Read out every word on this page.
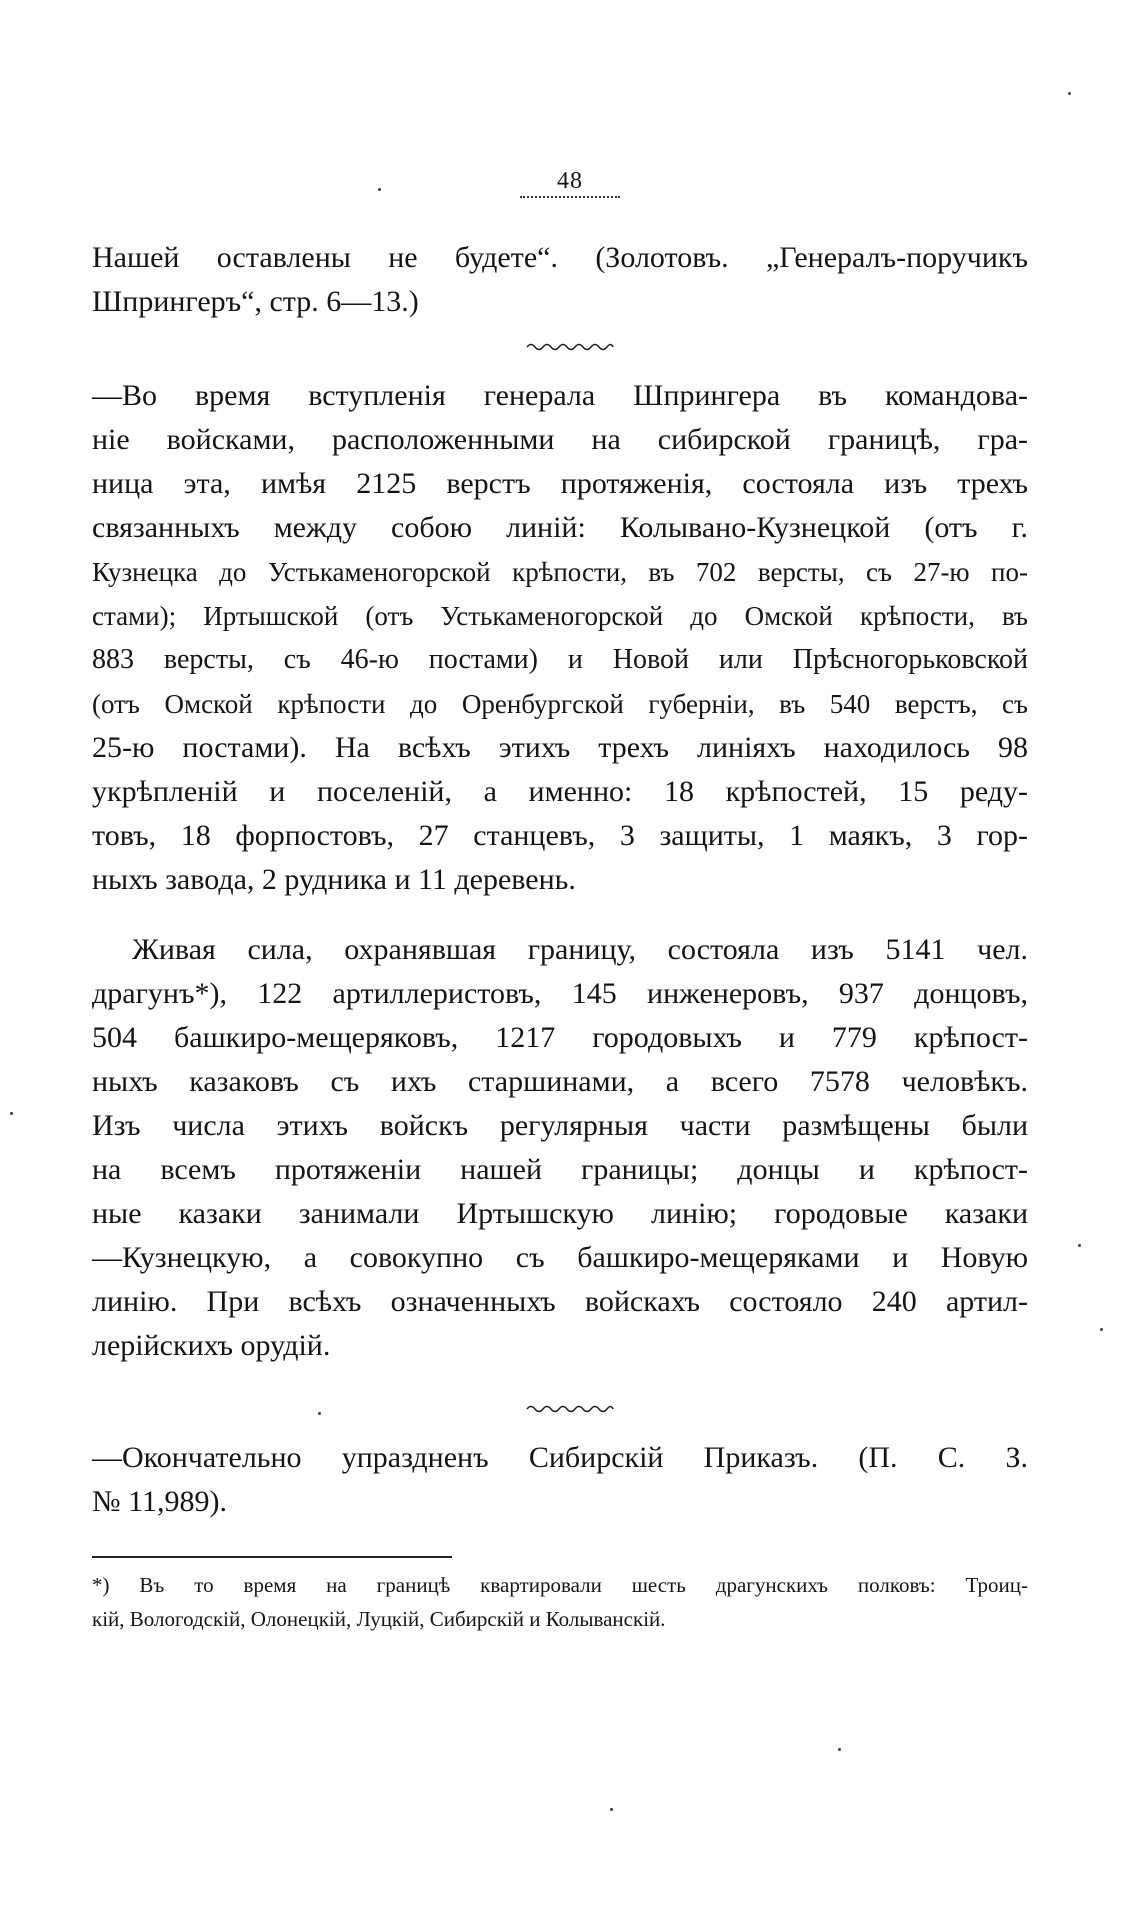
48
Нашей оставлены не будете“. (Золотовъ. „Генералъ-поручикъ
Шпрингеръ“, стр. 6—13.)
—Во время вступленія генерала Шпрингера въ командова-
ніе войсками, расположенными на сибирской границѣ, гра-
ница эта, имѣя 2125 верстъ протяженія, состояла изъ трехъ
связанныхъ между собою линій: Колывано-Кузнецкой (отъ г.
Кузнецка до Устькаменогорской крѣпости, въ 702 версты, съ 27-ю по-
стами); Иртышской (отъ Устькаменогорской до Омской крѣпости, въ
883 версты, съ 46-ю постами) и Новой или Прѣсногорьковской
(отъ Омской крѣпости до Оренбургской губерніи, въ 540 верстъ, съ
25-ю постами). На всѣхъ этихъ трехъ линіяхъ находилось 98
укрѣпленій и поселеній, а именно: 18 крѣпостей, 15 реду-
товъ, 18 форпостовъ, 27 станцевъ, 3 защиты, 1 маякъ, 3 гор-
ныхъ завода, 2 рудника и 11 деревень.
Живая сила, охранявшая границу, состояла изъ 5141 чел.
драгунъ*), 122 артиллеристовъ, 145 инженеровъ, 937 донцовъ,
504 башкиро-мещеряковъ, 1217 городовыхъ и 779 крѣпост-
ныхъ казаковъ съ ихъ старшинами, а всего 7578 человѣкъ.
Изъ числа этихъ войскъ регулярныя части размѣщены были
на всемъ протяженіи нашей границы; донцы и крѣпост-
ные казаки занимали Иртышскую линію; городовые казаки
—Кузнецкую, а совокупно съ башкиро-мещеряками и Новую
линію. При всѣхъ означенныхъ войскахъ состояло 240 артил-
лерійскихъ орудій.
—Окончательно упраздненъ Сибирскій Приказъ. (П. С. З.
№ 11,989).
*) Въ то время на границѣ квартировали шесть драгунскихъ полковъ: Троиц-
кій, Вологодскій, Олонецкій, Луцкій, Сибирскій и Колыванскій.
